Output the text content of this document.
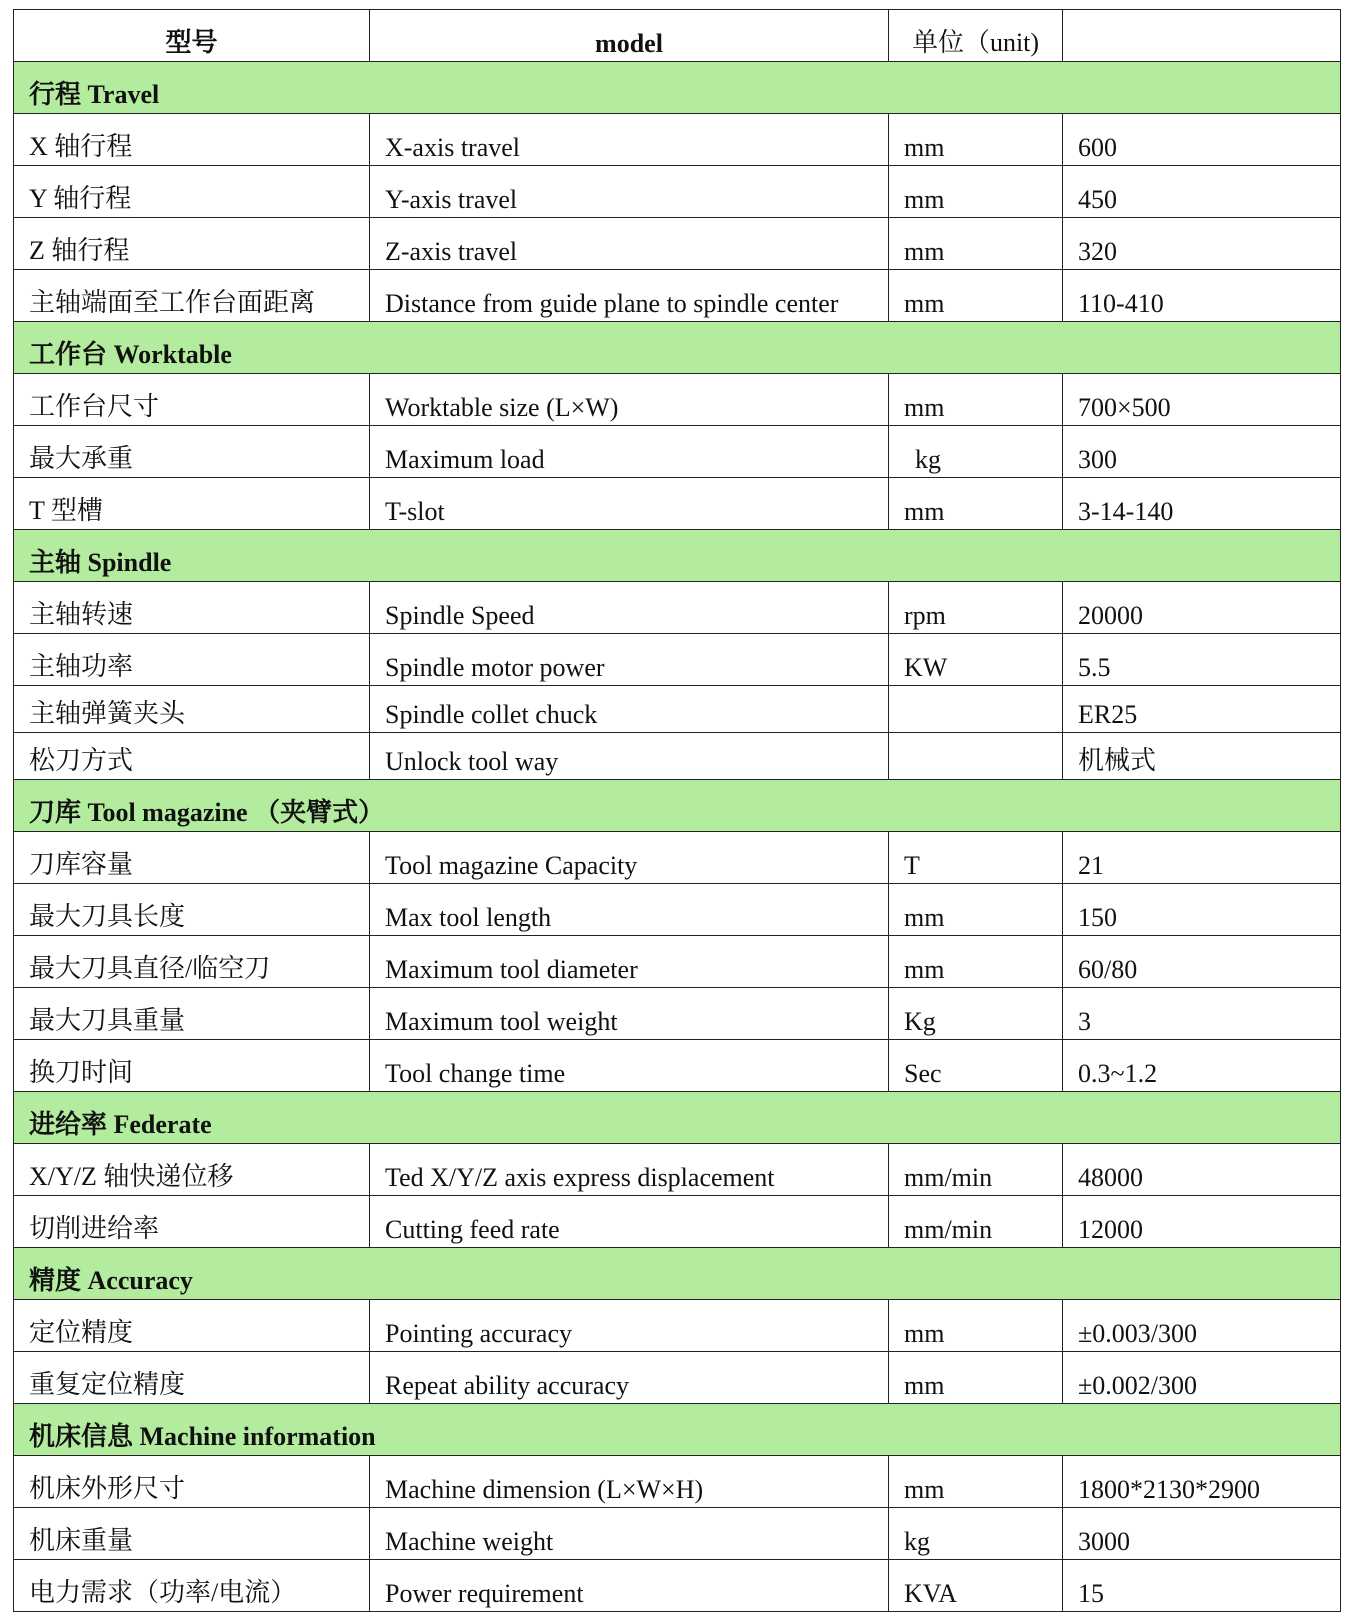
型号	model	单位（unit)	
行程 Travel			
X 轴行程	X-axis travel	mm	600
Y 轴行程	Y-axis travel	mm	450
Z 轴行程	Z-axis travel	mm	320
主轴端面至工作台面距离	Distance from guide plane to spindle center	mm	110-410
工作台 Worktable			
工作台尺寸	Worktable size (L×W)	mm	700×500
最大承重	Maximum load	kg	300
T 型槽	T-slot	mm	3-14-140
主轴 Spindle			
主轴转速	Spindle Speed	rpm	20000
主轴功率	Spindle motor power	KW	5.5
主轴弹簧夹头	Spindle collet chuck		ER25
松刀方式	Unlock tool way		机械式
刀库 Tool magazine （夹臂式）			
刀库容量	Tool magazine Capacity	T	21
最大刀具长度	Max tool length	mm	150
最大刀具直径/临空刀	Maximum tool diameter	mm	60/80
最大刀具重量	Maximum tool weight	Kg	3
换刀时间	Tool change time	Sec	0.3~1.2
进给率 Federate			
X/Y/Z 轴快递位移	Ted X/Y/Z axis express displacement	mm/min	48000
切削进给率	Cutting feed rate	mm/min	12000
精度 Accuracy			
定位精度	Pointing accuracy	mm	±0.003/300
重复定位精度	Repeat ability accuracy	mm	±0.002/300
机床信息 Machine information			
机床外形尺寸	Machine dimension (L×W×H)	mm	1800*2130*2900
机床重量	Machine weight	kg	3000
电力需求（功率/电流）	Power requirement	KVA	15
